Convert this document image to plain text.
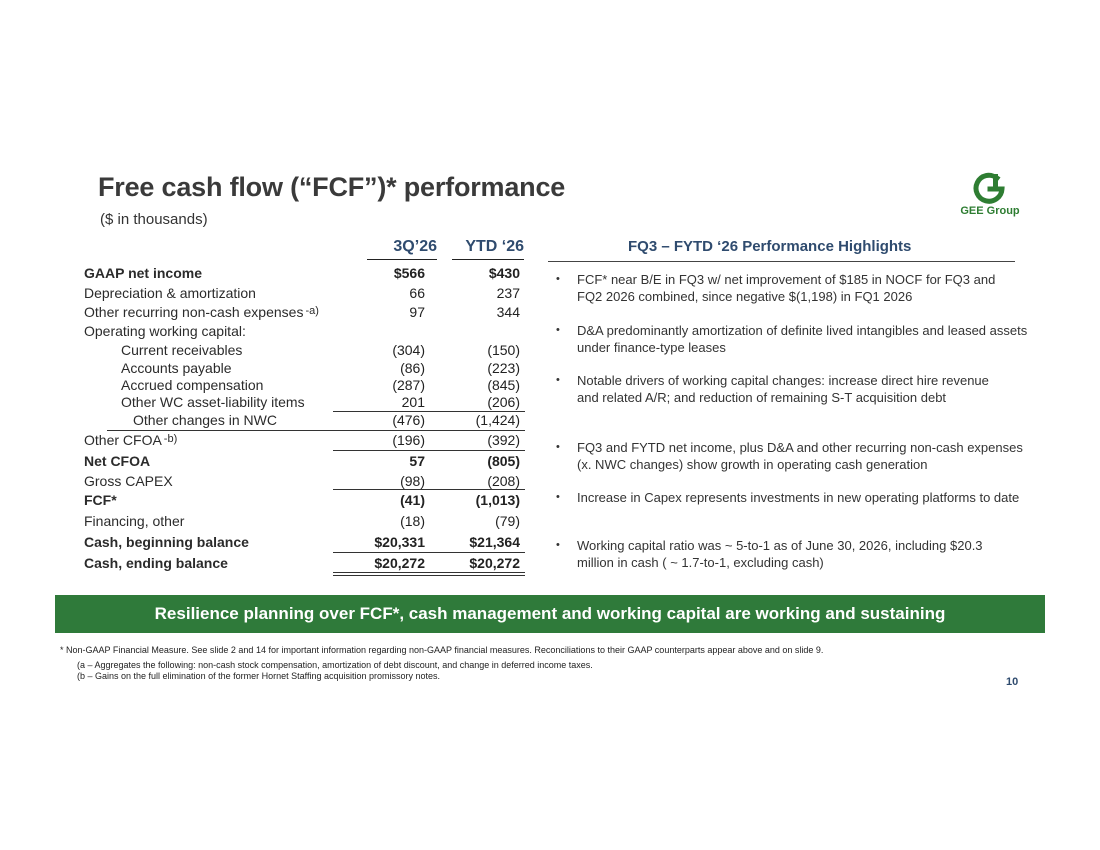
Free cash flow (“FCF”)* performance
($ in thousands)	GEE Group
3Q’26	YTD ‘26
GAAP net income	$566	$430
Depreciation & amortization	66	237
Other recurring non-cash expenses $^{-a)}$	97	344
Operating working capital:
Current receivables	(304)	(150)
Accounts payable	(86)	(223)
Accrued compensation	(287)	(845)
Other WC asset-liability items	201	(206)
Other changes in NWC	(476)	(1,424)
Other CFOA $^{-b)}$	(196)	(392)
Net CFOA	57	(805)
Gross CAPEX	(98)	(208)
FCF*	(41)	(1,013)
Financing, other	(18)	(79)
Cash, beginning balance	$20,331	$21,364
Cash, ending balance	$20,272	$20,272
FQ3 – FYTD ‘26 Performance Highlights
• FCF* near B/E in FQ3 w/ net improvement of $185 in NOCF for FQ3 and FQ2 2026 combined, since negative $(1,198) in FQ1 2026
• D&A predominantly amortization of definite lived intangibles and leased assets under finance-type leases
• Notable drivers of working capital changes: increase direct hire revenue and related A/R; and reduction of remaining S-T acquisition debt
• FQ3 and FYTD net income, plus D&A and other recurring non-cash expenses (x. NWC changes) show growth in operating cash generation
• Increase in Capex represents investments in new operating platforms to date
• Working capital ratio was ~ 5-to-1 as of June 30, 2026, including $20.3 million in cash ( ~ 1.7-to-1, excluding cash)
Resilience planning over FCF*, cash management and working capital are working and sustaining
* Non-GAAP Financial Measure. See slide 2 and 14 for important information regarding non-GAAP financial measures. Reconciliations to their GAAP counterparts appear above and on slide 9.
(a – Aggregates the following: non-cash stock compensation, amortization of debt discount, and change in deferred income taxes.
(b – Gains on the full elimination of the former Hornet Staffing acquisition promissory notes.	10
